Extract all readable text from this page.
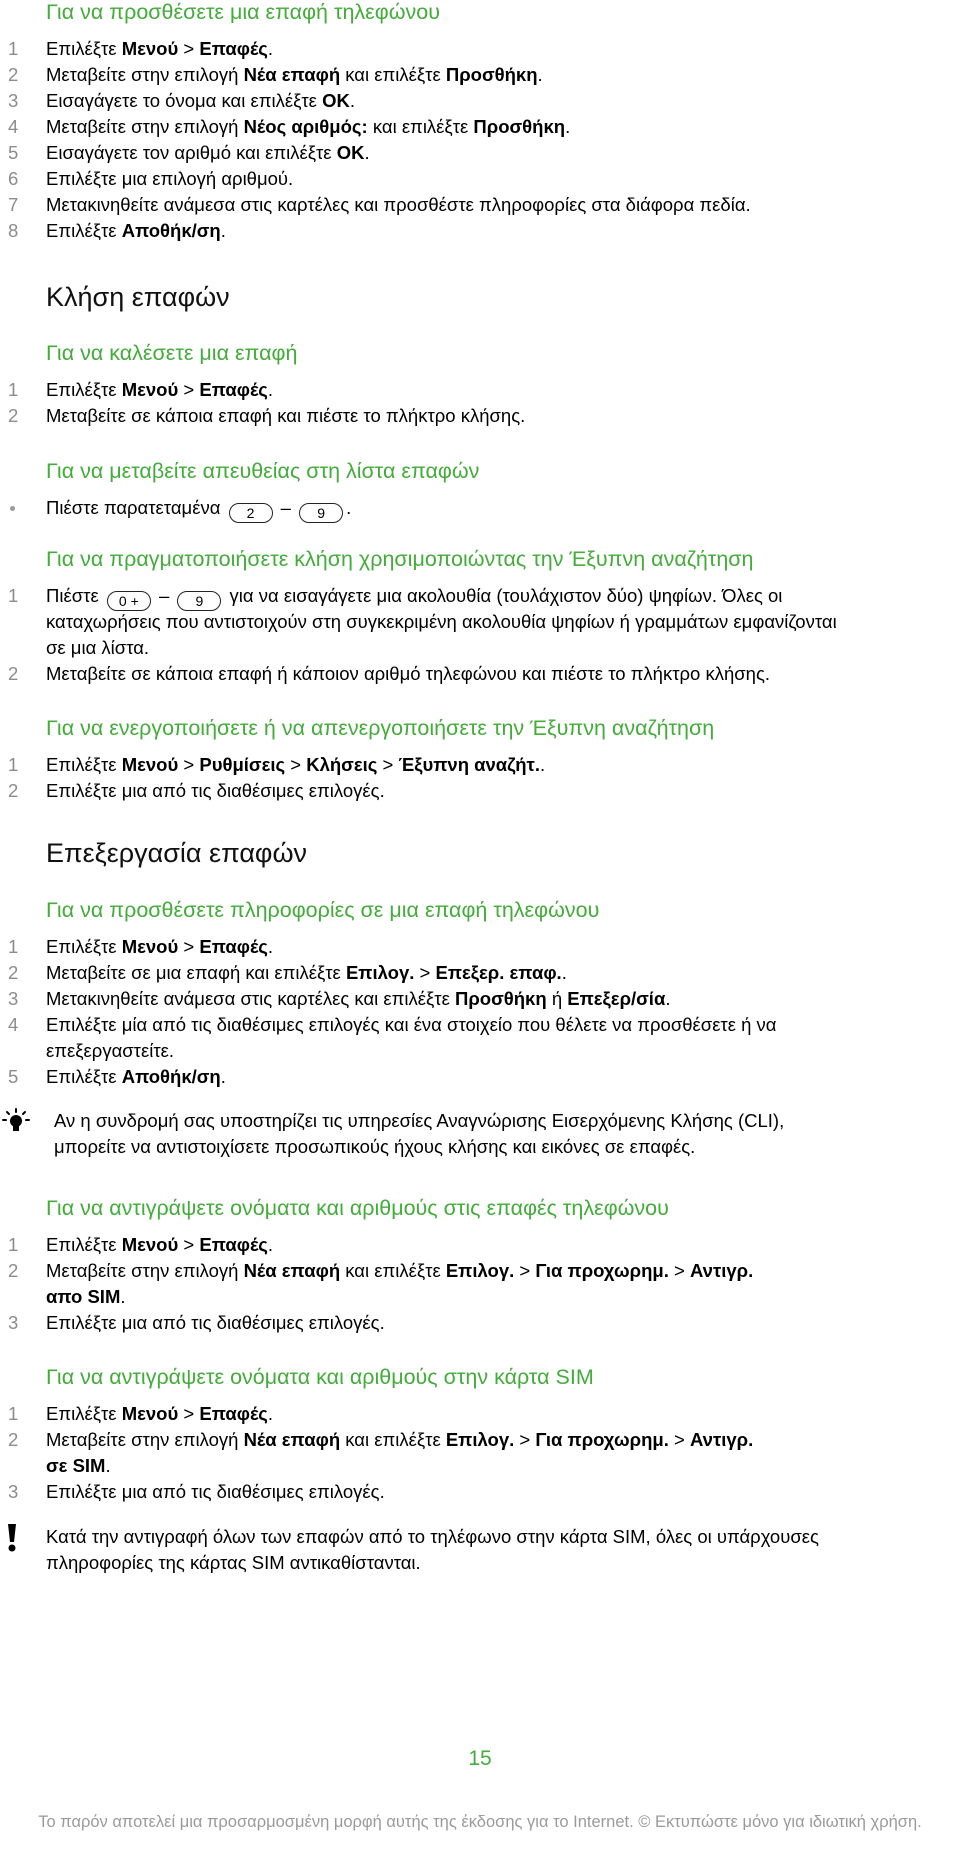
Για να προσθέσετε μια επαφή τηλεφώνου
1 Επιλέξτε Μενού > Επαφές.
2 Μεταβείτε στην επιλογή Νέα επαφή και επιλέξτε Προσθήκη.
3 Εισαγάγετε το όνομα και επιλέξτε OK.
4 Μεταβείτε στην επιλογή Νέος αριθμός: και επιλέξτε Προσθήκη.
5 Εισαγάγετε τον αριθμό και επιλέξτε OK.
6 Επιλέξτε μια επιλογή αριθμού.
7 Μετακινηθείτε ανάμεσα στις καρτέλες και προσθέστε πληροφορίες στα διάφορα πεδία.
8 Επιλέξτε Αποθήκ/ση.
Κλήση επαφών
Για να καλέσετε μια επαφή
1 Επιλέξτε Μενού > Επαφές.
2 Μεταβείτε σε κάποια επαφή και πιέστε το πλήκτρο κλήσης.
Για να μεταβείτε απευθείας στη λίστα επαφών
Πιέστε παρατεταμένα 2 – 9 .
Για να πραγματοποιήσετε κλήση χρησιμοποιώντας την Έξυπνη αναζήτηση
1 Πιέστε 0 + – 9 για να εισαγάγετε μια ακολουθία (τουλάχιστον δύο) ψηφίων. Όλες οι
καταχωρήσεις που αντιστοιχούν στη συγκεκριμένη ακολουθία ψηφίων ή γραμμάτων εμφανίζονται
σε μια λίστα.
2 Μεταβείτε σε κάποια επαφή ή κάποιον αριθμό τηλεφώνου και πιέστε το πλήκτρο κλήσης.
Για να ενεργοποιήσετε ή να απενεργοποιήσετε την Έξυπνη αναζήτηση
1 Επιλέξτε Μενού > Ρυθμίσεις > Κλήσεις > Έξυπνη αναζήτ..
2 Επιλέξτε μια από τις διαθέσιμες επιλογές.
Επεξεργασία επαφών
Για να προσθέσετε πληροφορίες σε μια επαφή τηλεφώνου
1 Επιλέξτε Μενού > Επαφές.
2 Μεταβείτε σε μια επαφή και επιλέξτε Επιλογ. > Επεξερ. επαφ..
3 Μετακινηθείτε ανάμεσα στις καρτέλες και επιλέξτε Προσθήκη ή Επεξερ/σία.
4 Επιλέξτε μία από τις διαθέσιμες επιλογές και ένα στοιχείο που θέλετε να προσθέσετε ή να
επεξεργαστείτε.
5 Επιλέξτε Αποθήκ/ση.
Αν η συνδρομή σας υποστηρίζει τις υπηρεσίες Αναγνώρισης Εισερχόμενης Κλήσης (CLI),
μπορείτε να αντιστοιχίσετε προσωπικούς ήχους κλήσης και εικόνες σε επαφές.
Για να αντιγράψετε ονόματα και αριθμούς στις επαφές τηλεφώνου
1 Επιλέξτε Μενού > Επαφές.
2 Μεταβείτε στην επιλογή Νέα επαφή και επιλέξτε Επιλογ. > Για προχωρημ. > Αντιγρ.
απο SIM.
3 Επιλέξτε μια από τις διαθέσιμες επιλογές.
Για να αντιγράψετε ονόματα και αριθμούς στην κάρτα SIM
1 Επιλέξτε Μενού > Επαφές.
2 Μεταβείτε στην επιλογή Νέα επαφή και επιλέξτε Επιλογ. > Για προχωρημ. > Αντιγρ.
σε SIM.
3 Επιλέξτε μια από τις διαθέσιμες επιλογές.
Κατά την αντιγραφή όλων των επαφών από το τηλέφωνο στην κάρτα SIM, όλες οι υπάρχουσες
πληροφορίες της κάρτας SIM αντικαθίστανται.
15
Το παρόν αποτελεί μια προσαρμοσμένη μορφή αυτής της έκδοσης για το Internet. © Εκτυπώστε μόνο για ιδιωτική χρήση.
